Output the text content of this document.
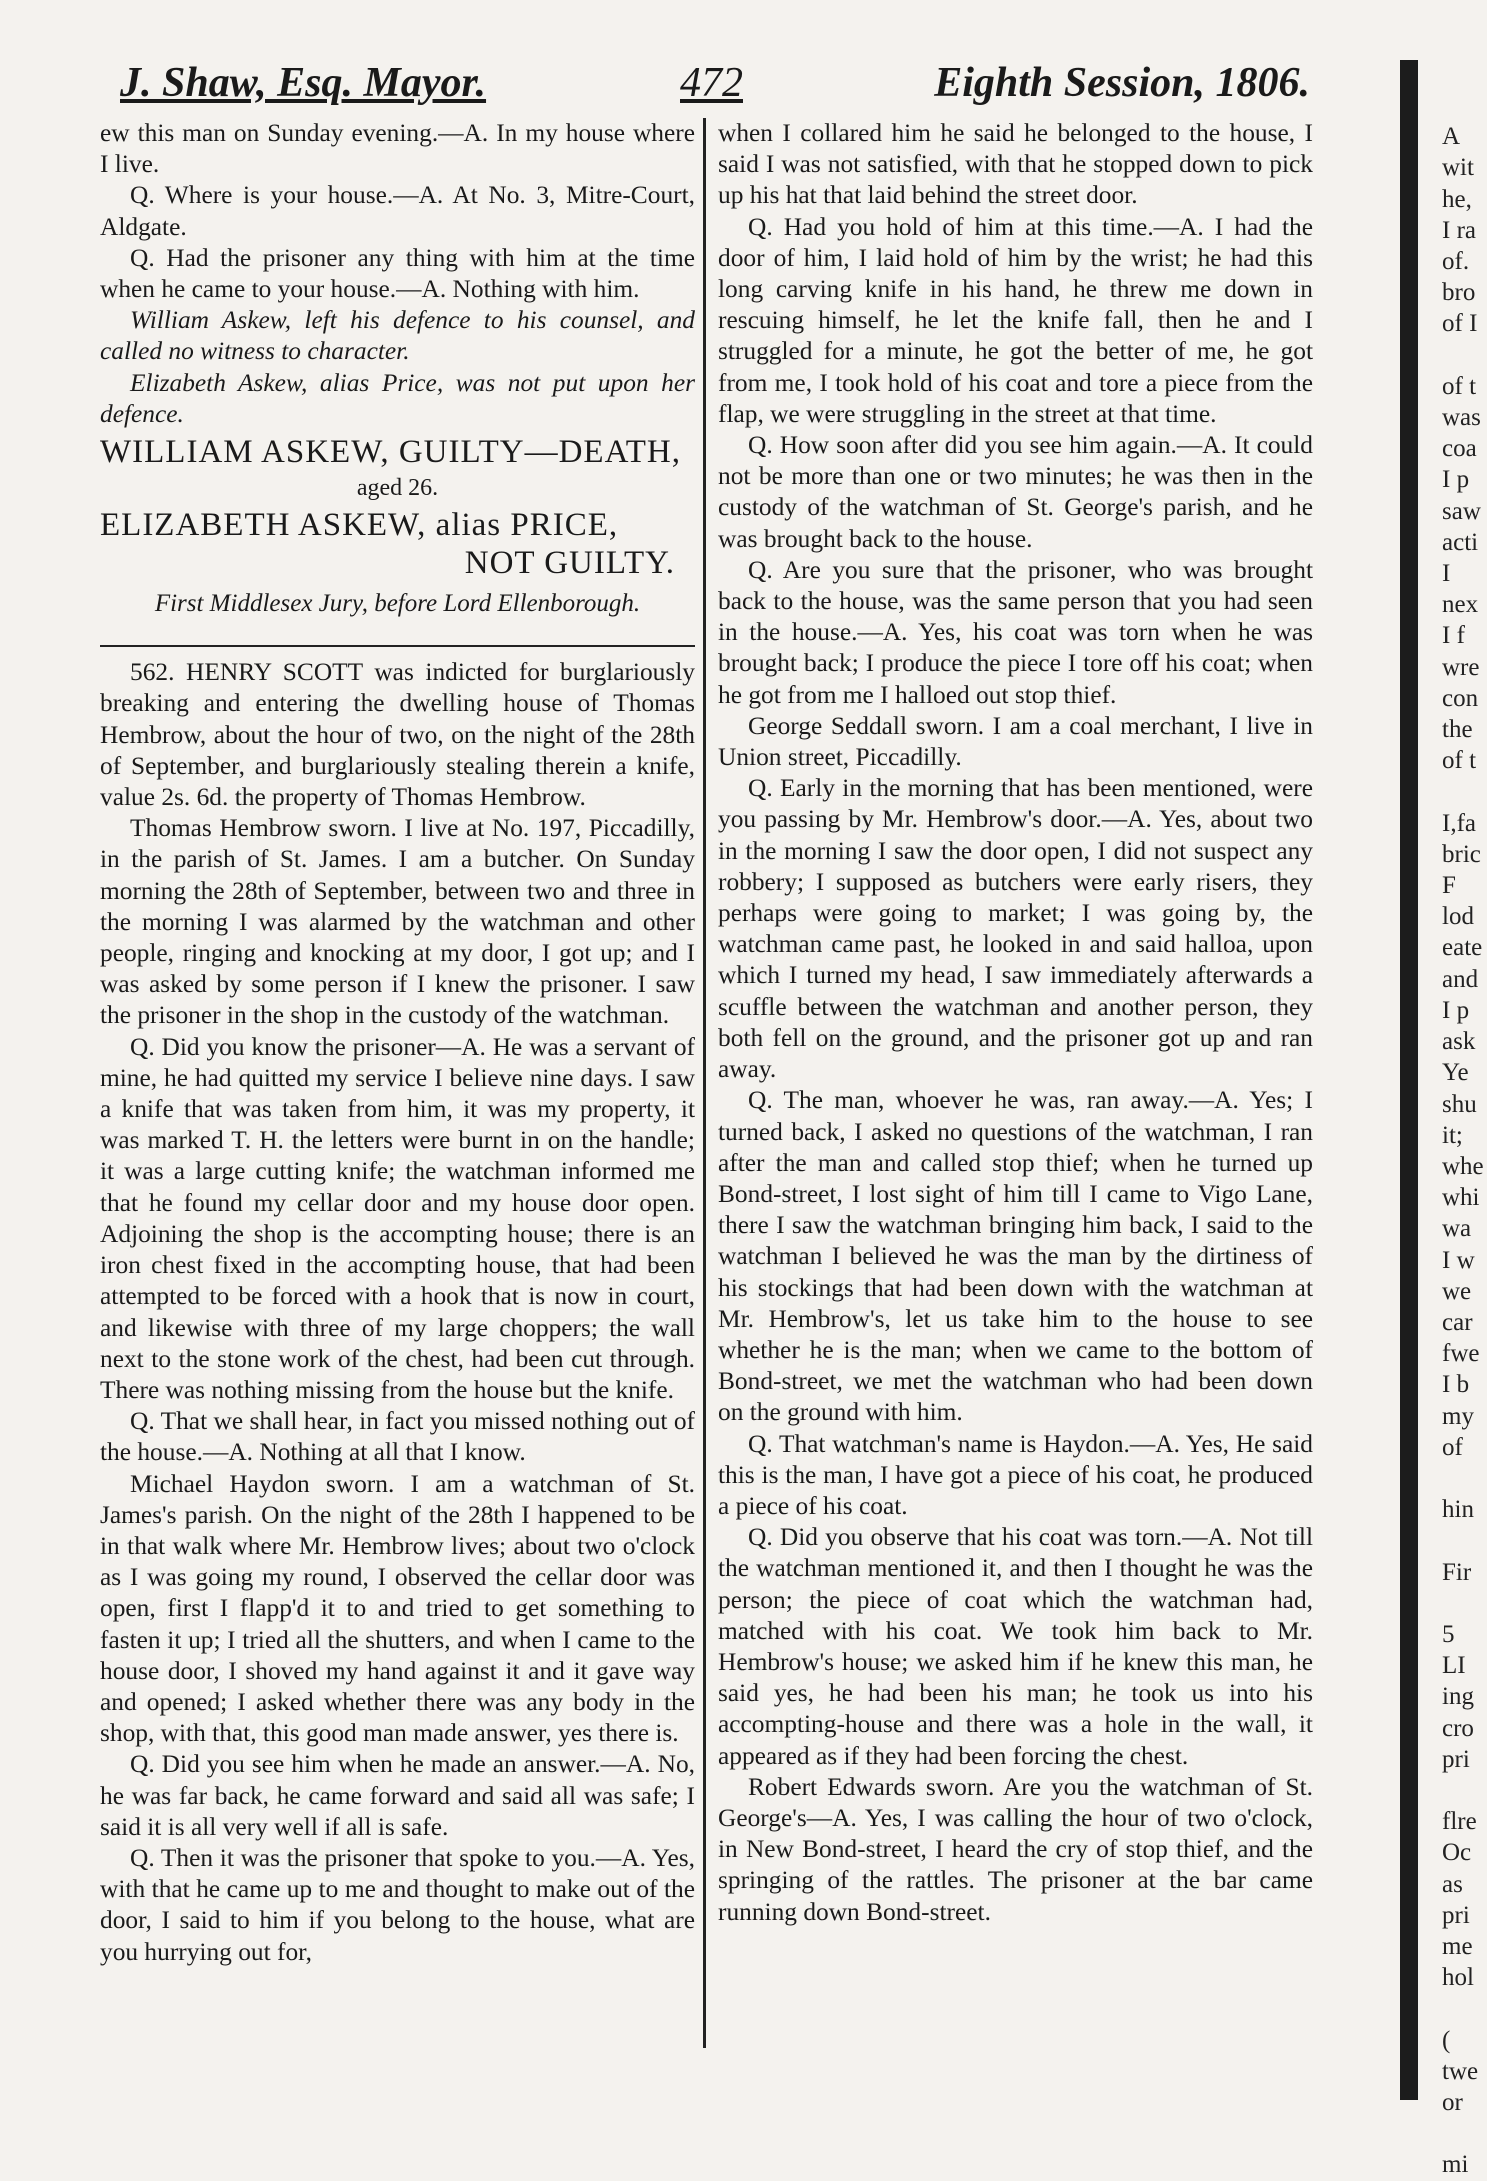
J. Shaw, Esq. Mayor.	472	Eighth Session, 1806.

ew this man on Sunday evening.—A. In my house where I live.

Q. Where is your house.—A. At No. 3, Mitre-Court, Aldgate.

Q. Had the prisoner any thing with him at the time when he came to your house.—A. Nothing with him.

William Askew, left his defence to his counsel, and called no witness to character.

Elizabeth Askew, alias Price, was not put upon her defence.

WILLIAM ASKEW, GUILTY—DEATH,

aged 26.

ELIZABETH ASKEW, alias PRICE,

NOT GUILTY.

First Middlesex Jury, before Lord Ellenborough.

562. HENRY SCOTT was indicted for burglariously breaking and entering the dwelling house of Thomas Hembrow, about the hour of two, on the night of the 28th of September, and burglariously stealing therein a knife, value 2s. 6d. the property of Thomas Hembrow.

Thomas Hembrow sworn. I live at No. 197, Piccadilly, in the parish of St. James. I am a butcher. On Sunday morning the 28th of September, between two and three in the morning I was alarmed by the watchman and other people, ringing and knocking at my door, I got up; and I was asked by some person if I knew the prisoner. I saw the prisoner in the shop in the custody of the watchman.

Q. Did you know the prisoner—A. He was a servant of mine, he had quitted my service I believe nine days. I saw a knife that was taken from him, it was my property, it was marked T. H. the letters were burnt in on the handle; it was a large cutting knife; the watchman informed me that he found my cellar door and my house door open. Adjoining the shop is the accompting house; there is an iron chest fixed in the accompting house, that had been attempted to be forced with a hook that is now in court, and likewise with three of my large choppers; the wall next to the stone work of the chest, had been cut through. There was nothing missing from the house but the knife.

Q. That we shall hear, in fact you missed nothing out of the house.—A. Nothing at all that I know.

Michael Haydon sworn. I am a watchman of St. James's parish. On the night of the 28th I happened to be in that walk where Mr. Hembrow lives; about two o'clock as I was going my round, I observed the cellar door was open, first I flapp'd it to and tried to get something to fasten it up; I tried all the shutters, and when I came to the house door, I shoved my hand against it and it gave way and opened; I asked whether there was any body in the shop, with that, this good man made answer, yes there is.

Q. Did you see him when he made an answer.—A. No, he was far back, he came forward and said all was safe; I said it is all very well if all is safe.

Q. Then it was the prisoner that spoke to you.—A. Yes, with that he came up to me and thought to make out of the door, I said to him if you belong to the house, what are you hurrying out for,

when I collared him he said he belonged to the house, I said I was not satisfied, with that he stopped down to pick up his hat that laid behind the street door.

Q. Had you hold of him at this time.—A. I had the door of him, I laid hold of him by the wrist; he had this long carving knife in his hand, he threw me down in rescuing himself, he let the knife fall, then he and I struggled for a minute, he got the better of me, he got from me, I took hold of his coat and tore a piece from the flap, we were struggling in the street at that time.

Q. How soon after did you see him again.—A. It could not be more than one or two minutes; he was then in the custody of the watchman of St. George's parish, and he was brought back to the house.

Q. Are you sure that the prisoner, who was brought back to the house, was the same person that you had seen in the house.—A. Yes, his coat was torn when he was brought back; I produce the piece I tore off his coat; when he got from me I halloed out stop thief.

George Seddall sworn. I am a coal merchant, I live in Union street, Piccadilly.

Q. Early in the morning that has been mentioned, were you passing by Mr. Hembrow's door.—A. Yes, about two in the morning I saw the door open, I did not suspect any robbery; I supposed as butchers were early risers, they perhaps were going to market; I was going by, the watchman came past, he looked in and said halloa, upon which I turned my head, I saw immediately afterwards a scuffle between the watchman and another person, they both fell on the ground, and the prisoner got up and ran away.

Q. The man, whoever he was, ran away.—A. Yes; I turned back, I asked no questions of the watchman, I ran after the man and called stop thief; when he turned up Bond-street, I lost sight of him till I came to Vigo Lane, there I saw the watchman bringing him back, I said to the watchman I believed he was the man by the dirtiness of his stockings that had been down with the watchman at Mr. Hembrow's, let us take him to the house to see whether he is the man; when we came to the bottom of Bond-street, we met the watchman who had been down on the ground with him.

Q. That watchman's name is Haydon.—A. Yes, He said this is the man, I have got a piece of his coat, he produced a piece of his coat.

Q. Did you observe that his coat was torn.—A. Not till the watchman mentioned it, and then I thought he was the person; the piece of coat which the watchman had, matched with his coat. We took him back to Mr. Hembrow's house; we asked him if he knew this man, he said yes, he had been his man; he took us into his accompting-house and there was a hole in the wall, it appeared as if they had been forcing the chest.

Robert Edwards sworn. Are you the watchman of St. George's—A. Yes, I was calling the hour of two o'clock, in New Bond-street, I heard the cry of stop thief, and the springing of the rattles. The prisoner at the bar came running down Bond-street.

A
wit
he,
I ra
of.
bro
of I

of t
was
coa
I p
saw
acti
I
nex
I f
wre
con
the
of t

I,fa
bric
F
lod
eate
and
I p
ask
Ye
shu
it;
whe
whi
wa
I w
we
car
fwe
I b
my
of

hin

Fir

5
LI
ing
cro
pri

flre
Oc
as
pri
me
hol

(
twe
or

mi
